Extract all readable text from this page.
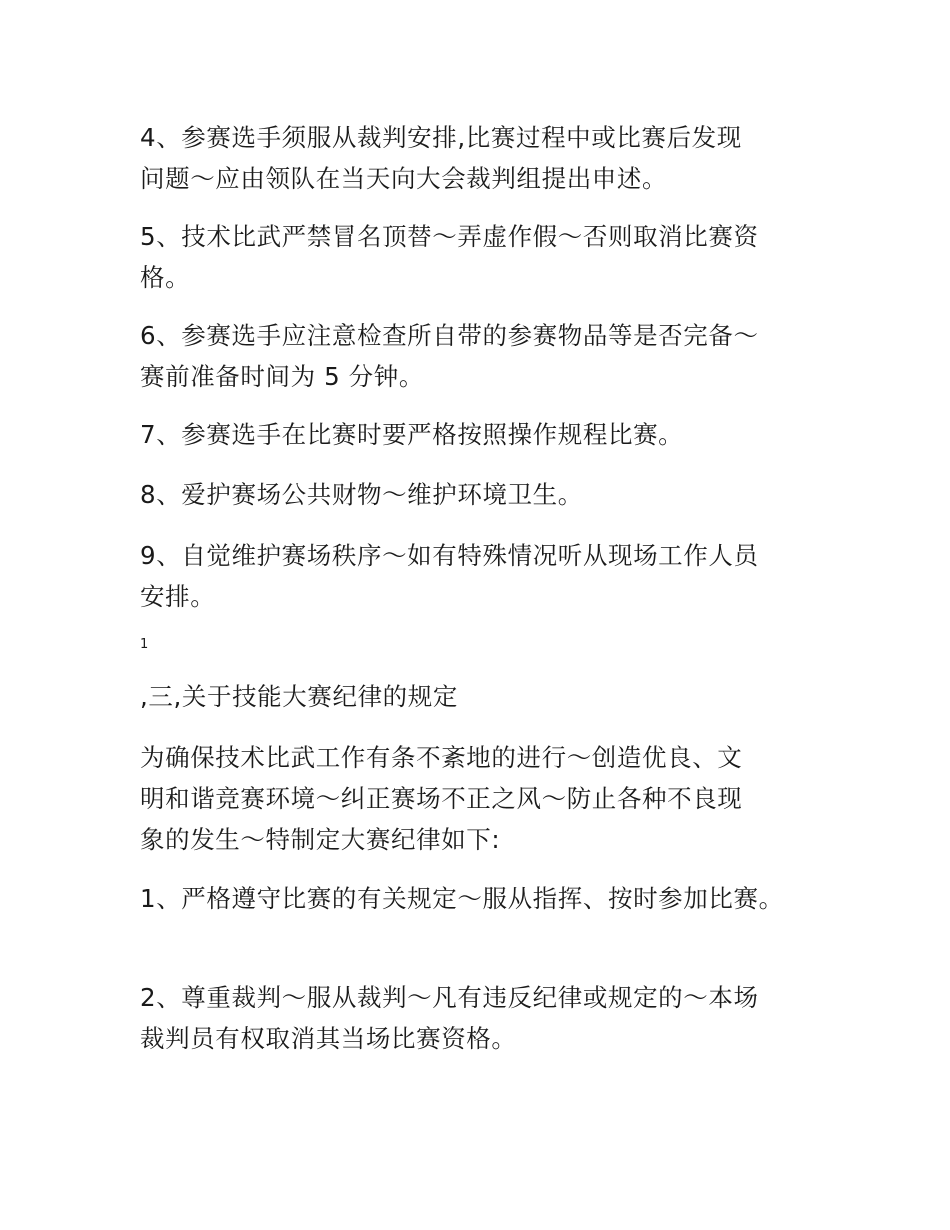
4、参赛选手须服从裁判安排,比赛过程中或比赛后发现
问题～应由领队在当天向大会裁判组提出申述。
5、技术比武严禁冒名顶替～弄虚作假～否则取消比赛资
格。
6、参赛选手应注意检查所自带的参赛物品等是否完备～
赛前准备时间为 5 分钟。
7、参赛选手在比赛时要严格按照操作规程比赛。
8、爱护赛场公共财物～维护环境卫生。
9、自觉维护赛场秩序～如有特殊情况听从现场工作人员
安排。
1
,三,关于技能大赛纪律的规定
为确保技术比武工作有条不紊地的进行～创造优良、文
明和谐竞赛环境～纠正赛场不正之风～防止各种不良现
象的发生～特制定大赛纪律如下:
1、严格遵守比赛的有关规定～服从指挥、按时参加比赛。
2、尊重裁判～服从裁判～凡有违反纪律或规定的～本场
裁判员有权取消其当场比赛资格。
